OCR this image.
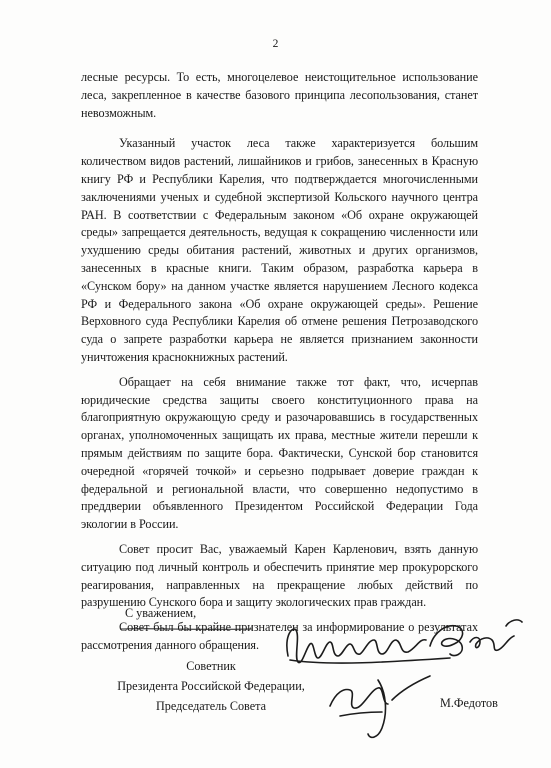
2

лесные ресурсы. То есть, многоцелевое неистощительное использование леса, закрепленное в качестве базового принципа лесопользования, станет невозможным.

Указанный участок леса также характеризуется большим количеством видов растений, лишайников и грибов, занесенных в Красную книгу РФ и Республики Карелия, что подтверждается многочисленными заключениями ученых и судебной экспертизой Кольского научного центра РАН. В соответствии с Федеральным законом «Об охране окружающей среды» запрещается деятельность, ведущая к сокращению численности или ухудшению среды обитания растений, животных и других организмов, занесенных в красные книги. Таким образом, разработка карьера в «Сунском бору» на данном участке является нарушением Лесного кодекса РФ и Федерального закона «Об охране окружающей среды». Решение Верховного суда Республики Карелия об отмене решения Петрозаводского суда о запрете разработки карьера не является признанием законности уничтожения краснокнижных растений.

Обращает на себя внимание также тот факт, что, исчерпав юридические средства защиты своего конституционного права на благоприятную окружающую среду и разочаровавшись в государственных органах, уполномоченных защищать их права, местные жители перешли к прямым действиям по защите бора. Фактически, Сунской бор становится очередной «горячей точкой» и серьезно подрывает доверие граждан к федеральной и региональной власти, что совершенно недопустимо в преддверии объявленного Президентом Российской Федерации Года экологии в России.

Совет просит Вас, уважаемый Карен Карленович, взять данную ситуацию под личный контроль и обеспечить принятие мер прокурорского реагирования, направленных на прекращение любых действий по разрушению Сунского бора и защиту экологических прав граждан.

Совет был бы крайне признателен за информирование о результатах рассмотрения данного обращения.

С уважением,
Советник
Президента Российской Федерации,
Председатель Совета	М.Федотов
